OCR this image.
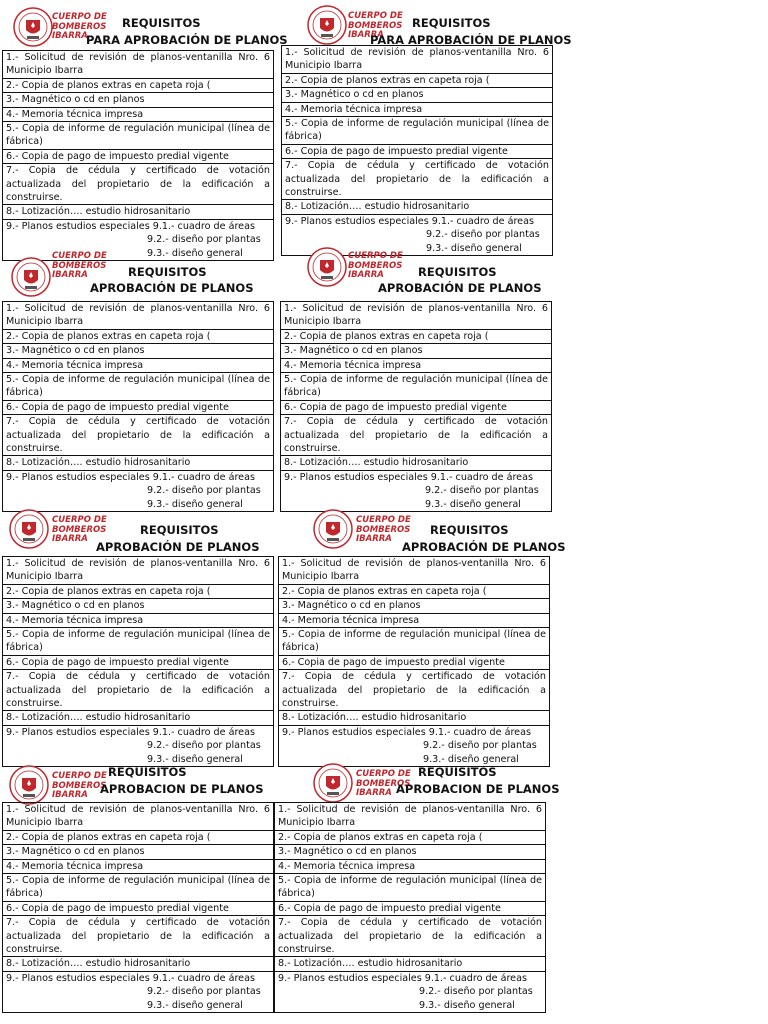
CUERPO DE
BOMBEROS
IBARRA
REQUISITOS
PARA APROBACIÓN DE PLANOS
1.- Solicitud de revisión de planos-ventanilla Nro. 6 Municipio Ibarra
2.- Copia de planos extras en capeta roja (
3.- Magnético o cd en planos
4.- Memoria técnica impresa
5.- Copia de informe de regulación municipal (línea de fábrica)
6.- Copia de pago de impuesto predial vigente
7.- Copia de cédula y certificado de votación actualizada del propietario de la edificación a construirse.
8.- Lotización…. estudio hidrosanitario
9.- Planos estudios especiales 9.1.- cuadro de áreas
9.2.- diseño por plantas
9.3.- diseño general
CUERPO DE
BOMBEROS
IBARRA
REQUISITOS
PARA APROBACIÓN DE PLANOS
1.- Solicitud de revisión de planos-ventanilla Nro. 6 Municipio Ibarra
2.- Copia de planos extras en capeta roja (
3.- Magnético o cd en planos
4.- Memoria técnica impresa
5.- Copia de informe de regulación municipal (línea de fábrica)
6.- Copia de pago de impuesto predial vigente
7.- Copia de cédula y certificado de votación actualizada del propietario de la edificación a construirse.
8.- Lotización…. estudio hidrosanitario
9.- Planos estudios especiales 9.1.- cuadro de áreas
9.2.- diseño por plantas
9.3.- diseño general
CUERPO DE
BOMBEROS
IBARRA	REQUISITOS
APROBACIÓN DE PLANOS
1.- Solicitud de revisión de planos-ventanilla Nro. 6 Municipio Ibarra
2.- Copia de planos extras en capeta roja (
3.- Magnético o cd en planos
4.- Memoria técnica impresa
5.- Copia de informe de regulación municipal (línea de fábrica)
6.- Copia de pago de impuesto predial vigente
7.- Copia de cédula y certificado de votación actualizada del propietario de la edificación a construirse.
8.- Lotización…. estudio hidrosanitario
9.- Planos estudios especiales 9.1.- cuadro de áreas
9.2.- diseño por plantas
9.3.- diseño general
CUERPO DE
BOMBEROS
IBARRA	REQUISITOS
APROBACIÓN DE PLANOS
1.- Solicitud de revisión de planos-ventanilla Nro. 6 Municipio Ibarra
2.- Copia de planos extras en capeta roja (
3.- Magnético o cd en planos
4.- Memoria técnica impresa
5.- Copia de informe de regulación municipal (línea de fábrica)
6.- Copia de pago de impuesto predial vigente
7.- Copia de cédula y certificado de votación actualizada del propietario de la edificación a construirse.
8.- Lotización…. estudio hidrosanitario
9.- Planos estudios especiales 9.1.- cuadro de áreas
9.2.- diseño por plantas
9.3.- diseño general
CUERPO DE
BOMBEROS
IBARRA
REQUISITOS
APROBACIÓN DE PLANOS
1.- Solicitud de revisión de planos-ventanilla Nro. 6 Municipio Ibarra
2.- Copia de planos extras en capeta roja (
3.- Magnético o cd en planos
4.- Memoria técnica impresa
5.- Copia de informe de regulación municipal (línea de fábrica)
6.- Copia de pago de impuesto predial vigente
7.- Copia de cédula y certificado de votación actualizada del propietario de la edificación a construirse.
8.- Lotización…. estudio hidrosanitario
9.- Planos estudios especiales 9.1.- cuadro de áreas
9.2.- diseño por plantas
9.3.- diseño general
CUERPO DE
BOMBEROS
IBARRA
REQUISITOS
APROBACIÓN DE PLANOS
1.- Solicitud de revisión de planos-ventanilla Nro. 6 Municipio Ibarra
2.- Copia de planos extras en capeta roja (
3.- Magnético o cd en planos
4.- Memoria técnica impresa
5.- Copia de informe de regulación municipal (línea de fábrica)
6.- Copia de pago de impuesto predial vigente
7.- Copia de cédula y certificado de votación actualizada del propietario de la edificación a construirse.
8.- Lotización…. estudio hidrosanitario
9.- Planos estudios especiales 9.1.- cuadro de áreas
9.2.- diseño por plantas
9.3.- diseño general
CUERPO DE
BOMBEROS
IBARRA
REQUISITOS
APROBACION DE PLANOS
1.- Solicitud de revisión de planos-ventanilla Nro. 6 Municipio Ibarra
2.- Copia de planos extras en capeta roja (
3.- Magnético o cd en planos
4.- Memoria técnica impresa
5.- Copia de informe de regulación municipal (línea de fábrica)
6.- Copia de pago de impuesto predial vigente
7.- Copia de cédula y certificado de votación actualizada del propietario de la edificación a construirse.
8.- Lotización…. estudio hidrosanitario
9.- Planos estudios especiales 9.1.- cuadro de áreas
9.2.- diseño por plantas
9.3.- diseño general
CUERPO DE
BOMBEROS
IBARRA
REQUISITOS
APROBACION DE PLANOS
1.- Solicitud de revisión de planos-ventanilla Nro. 6 Municipio Ibarra
2.- Copia de planos extras en capeta roja (
3.- Magnético o cd en planos
4.- Memoria técnica impresa
5.- Copia de informe de regulación municipal (línea de fábrica)
6.- Copia de pago de impuesto predial vigente
7.- Copia de cédula y certificado de votación actualizada del propietario de la edificación a construirse.
8.- Lotización…. estudio hidrosanitario
9.- Planos estudios especiales 9.1.- cuadro de áreas
9.2.- diseño por plantas
9.3.- diseño general
